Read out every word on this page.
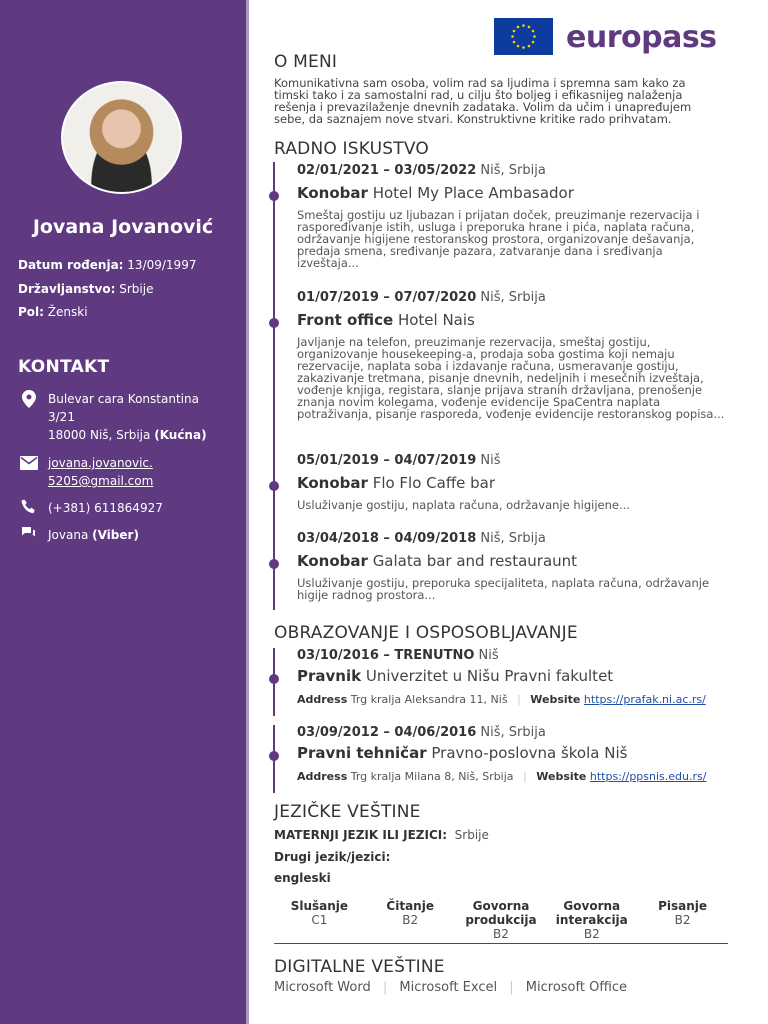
Jovana Jovanović
Datum rođenja: 13/09/1997
Državljanstvo: Srbije
Pol: Ženski
KONTAKT
Bulevar cara Konstantina
3/21
18000 Niš, Srbija (Kućna)
jovana.jovanovic.
5205@gmail.com
(+381) 611864927
Jovana (Viber)
europass
O MENI
Komunikativna sam osoba, volim rad sa ljudima i spremna sam kako za timski tako i za samostalni rad, u cilju što boljeg i efikasnijeg nalaženja rešenja i prevazilaženje dnevnih zadataka. Volim da učim i unapređujem sebe, da saznajem nove stvari. Konstruktivne kritike rado prihvatam.
RADNO ISKUSTVO
02/01/2021 – 03/05/2022 Niš, Srbija
Konobar Hotel My Place Ambasador
Smeštaj gostiju uz ljubazan i prijatan doček, preuzimanje rezervacija i raspoređivanje istih, usluga i preporuka hrane i pića, naplata računa, održavanje higijene restoranskog prostora, organizovanje dešavanja, predaja smena, sređivanje pazara, zatvaranje dana i sređivanja izveštaja...
01/07/2019 – 07/07/2020 Niš, Srbija
Front office Hotel Nais
Javljanje na telefon, preuzimanje rezervacija, smeštaj gostiju, organizovanje housekeeping-a, prodaja soba gostima koji nemaju rezervacije, naplata soba i izdavanje računa, usmeravanje gostiju, zakazivanje tretmana, pisanje dnevnih, nedeljnih i mesečnih izveštaja, vođenje knjiga, registara, slanje prijava stranih državljana, prenošenje znanja novim kolegama, vođenje evidencije SpaCentra naplata potraživanja, pisanje rasporeda, vođenje evidencije restoranskog popisa...
05/01/2019 – 04/07/2019 Niš
Konobar Flo Flo Caffe bar
Usluživanje gostiju, naplata računa, održavanje higijene...
03/04/2018 – 04/09/2018 Niš, Srbija
Konobar Galata bar and restauraunt
Usluživanje gostiju, preporuka specijaliteta, naplata računa, održavanje higije radnog prostora...
OBRAZOVANJE I OSPOSOBLJAVANJE
03/10/2016 – TRENUTNO Niš
Pravnik Univerzitet u Nišu Pravni fakultet
Address Trg kralja Aleksandra 11, Niš | Website https://prafak.ni.ac.rs/
03/09/2012 – 04/06/2016 Niš, Srbija
Pravni tehničar Pravno-poslovna škola Niš
Address Trg kralja Milana 8, Niš, Srbija | Website https://ppsnis.edu.rs/
JEZIČKE VEŠTINE
MATERNJI JEZIK ILI JEZICI: Srbije
Drugi jezik/jezici:
engleski
Slušanje
C1
Čitanje
B2
Govorna produkcija
B2
Govorna interakcija
B2
Pisanje
B2
DIGITALNE VEŠTINE
Microsoft Word | Microsoft Excel | Microsoft Office
